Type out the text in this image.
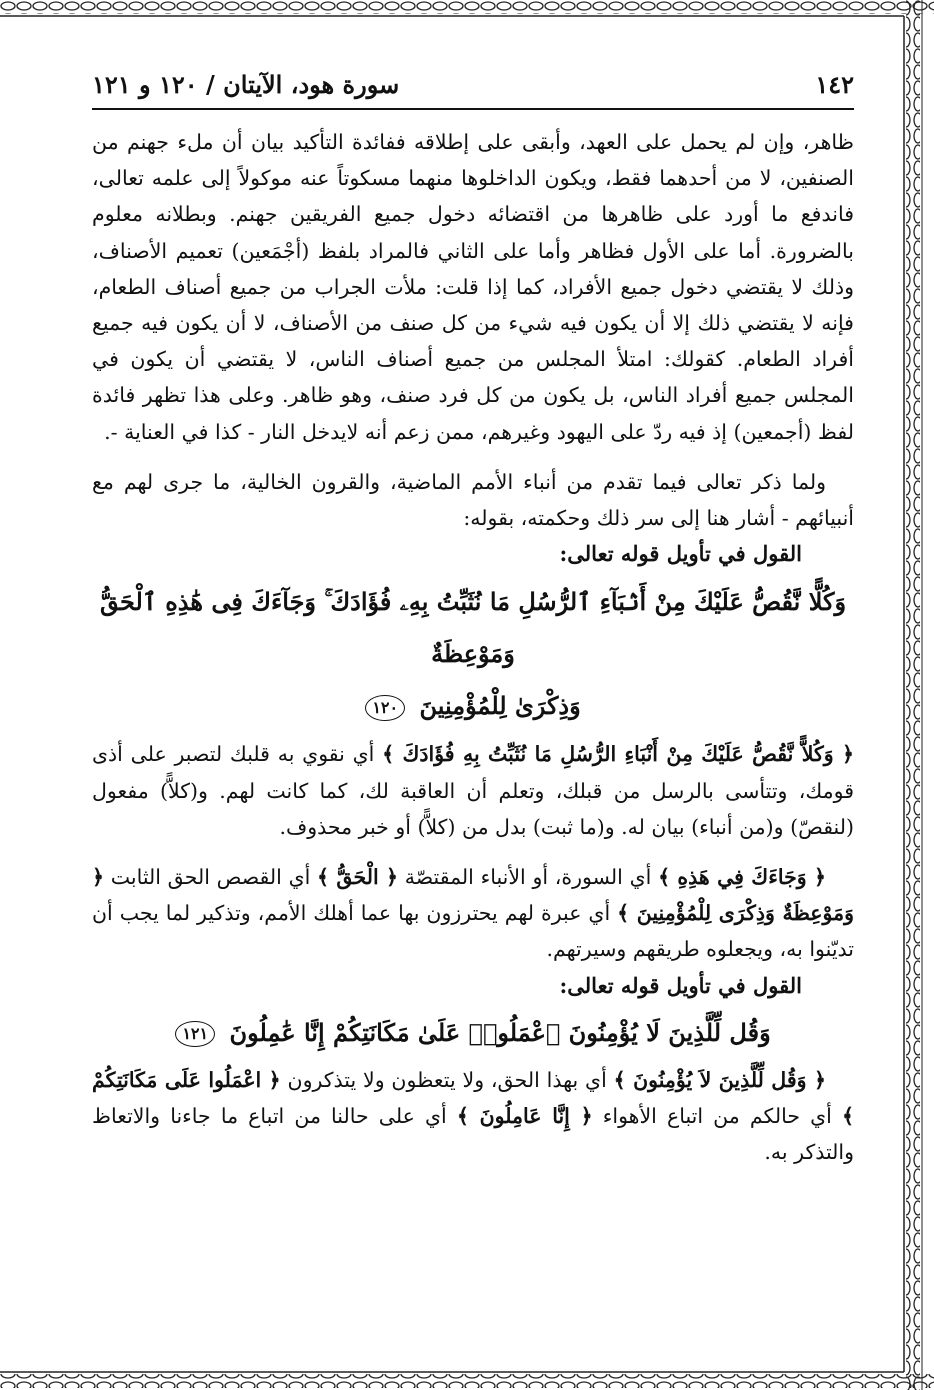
١٤٢
سورة هود، الآيتان / ١٢٠ و ١٢١

ظاهر، وإن لم يحمل على العهد، وأبقى على إطلاقه ففائدة التأكيد بيان أن ملء جهنم من الصنفين، لا من أحدهما فقط، ويكون الداخلوها منهما مسكوتاً عنه موكولاً إلى علمه تعالى، فاندفع ما أورد على ظاهرها من اقتضائه دخول جميع الفريقين جهنم. وبطلانه معلوم بالضرورة. أما على الأول فظاهر وأما على الثاني فالمراد بلفظ (أجْمَعين) تعميم الأصناف، وذلك لا يقتضي دخول جميع الأفراد، كما إذا قلت: ملأت الجراب من جميع أصناف الطعام، فإنه لا يقتضي ذلك إلا أن يكون فيه شيء من كل صنف من الأصناف، لا أن يكون فيه جميع أفراد الطعام. كقولك: امتلأ المجلس من جميع أصناف الناس، لا يقتضي أن يكون في المجلس جميع أفراد الناس، بل يكون من كل فرد صنف، وهو ظاهر. وعلى هذا تظهر فائدة لفظ (أجمعين) إذ فيه ردّ على اليهود وغيرهم، ممن زعم أنه لايدخل النار - كذا في العناية -.

ولما ذكر تعالى فيما تقدم من أنباء الأمم الماضية، والقرون الخالية، ما جرى لهم مع أنبيائهم - أشار هنا إلى سر ذلك وحكمته، بقوله:

القول في تأويل قوله تعالى:

وَكُلًّا نَّقُصُّ عَلَيْكَ مِنْ أَنۢبَآءِ ٱلرُّسُلِ مَا نُثَبِّتُ بِهِۦ فُؤَادَكَ ۚ وَجَآءَكَ فِى هَٰذِهِ ٱلْحَقُّ وَمَوْعِظَةٌ
وَذِكْرَىٰ لِلْمُؤْمِنِينَ ١٢٠

﴿ وَكُلاًّ نَّقُصُّ عَلَيْكَ مِنْ أَنْبَاءِ الرُّسُلِ مَا نُثَبِّتُ بِهِ فُؤَادَكَ ﴾ أي نقوي به قلبك لتصبر على أذى قومك، وتتأسى بالرسل من قبلك، وتعلم أن العاقبة لك، كما كانت لهم. و(كلاًّ) مفعول (لنقصّ) و(من أنباء) بيان له. و(ما ثبت) بدل من (كلاًّ) أو خبر محذوف.

﴿ وَجَاءَكَ فِي هَذِهِ ﴾ أي السورة، أو الأنباء المقتصّة ﴿ الْحَقُّ ﴾ أي القصص الحق الثابت ﴿ وَمَوْعِظَةٌ وَذِكْرَى لِلْمُؤْمِنِينَ ﴾ أي عبرة لهم يحترزون بها عما أهلك الأمم، وتذكير لما يجب أن تديّنوا به، ويجعلوه طريقهم وسيرتهم.

القول في تأويل قوله تعالى:

وَقُل لِّلَّذِينَ لَا يُؤْمِنُونَ ٱعْمَلُوا۟ عَلَىٰ مَكَانَتِكُمْ إِنَّا عَٰمِلُونَ ١٢١

﴿ وَقُل لِّلَّذِينَ لاَ يُؤْمِنُونَ ﴾ أي بهذا الحق، ولا يتعظون ولا يتذكرون ﴿ اعْمَلُوا عَلَى مَكَانَتِكُمْ ﴾ أي حالكم من اتباع الأهواء ﴿ إِنَّا عَامِلُونَ ﴾ أي على حالنا من اتباع ما جاءنا والاتعاظ والتذكر به.
